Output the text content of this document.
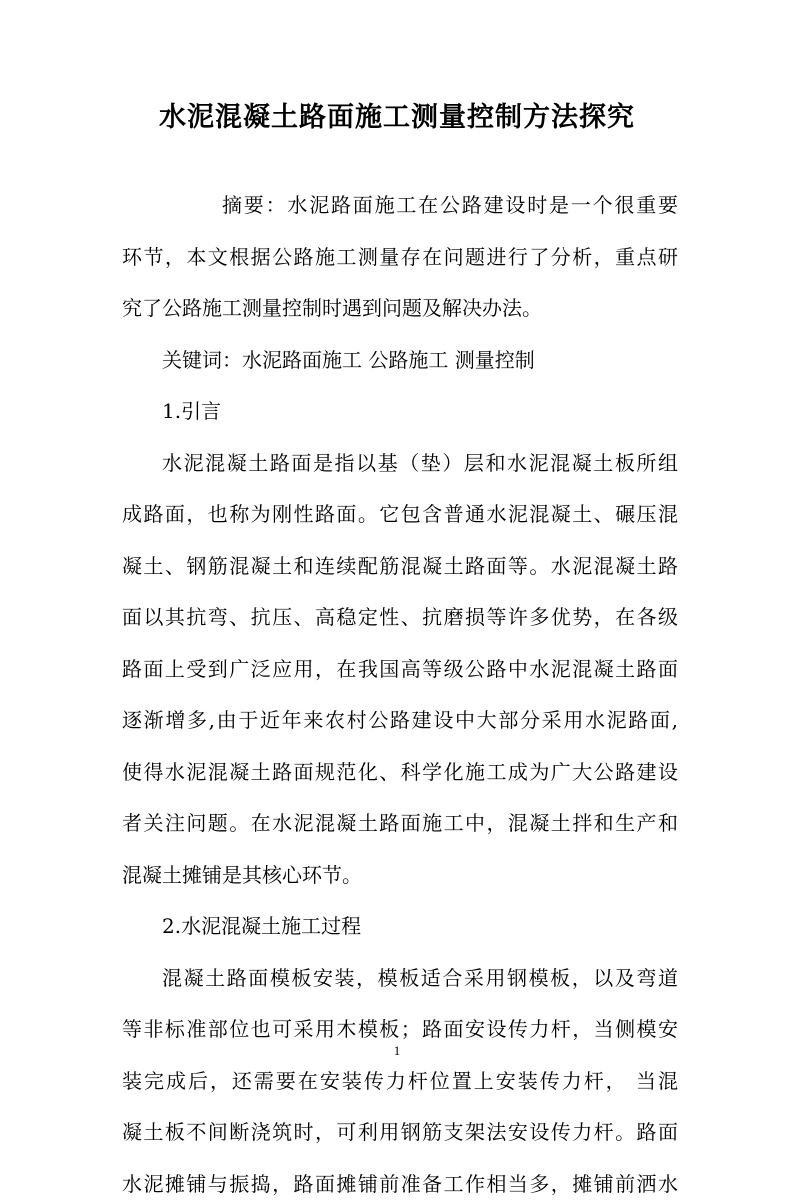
水泥混凝土路面施工测量控制方法探究
摘要：水泥路面施工在公路建设时是一个很重要
环节，本文根据公路施工测量存在问题进行了分析，重点研
究了公路施工测量控制时遇到问题及解决办法。
关键词：水泥路面施工 公路施工 测量控制
1.引言
水泥混凝土路面是指以基（垫）层和水泥混凝土板所组
成路面，也称为刚性路面。它包含普通水泥混凝土、碾压混
凝土、钢筋混凝土和连续配筋混凝土路面等。水泥混凝土路
面以其抗弯、抗压、高稳定性、抗磨损等许多优势，在各级
路面上受到广泛应用，在我国高等级公路中水泥混凝土路面
逐渐增多,由于近年来农村公路建设中大部分采用水泥路面,
使得水泥混凝土路面规范化、科学化施工成为广大公路建设
者关注问题。在水泥混凝土路面施工中，混凝土拌和生产和
混凝土摊铺是其核心环节。
2.水泥混凝土施工过程
混凝土路面模板安装，模板适合采用钢模板，以及弯道
等非标准部位也可采用木模板；路面安设传力杆，当侧模安
装完成后，还需要在安装传力杆位置上安装传力杆， 当混
凝土板不间断浇筑时，可利用钢筋支架法安设传力杆。路面
水泥摊铺与振捣，路面摊铺前准备工作相当多，摊铺前洒水
1
